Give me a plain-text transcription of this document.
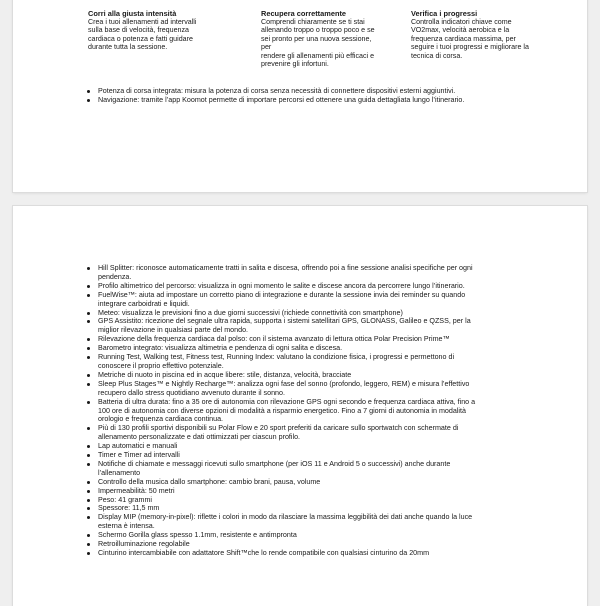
Corri alla giusta intensità

Crea i tuoi allenamenti ad intervalli

sulla base di velocità, frequenza

cardiaca o potenza e fatti guidare

durante tutta la sessione.

Recupera correttamente

Comprendi chiaramente se ti stai

allenando troppo o troppo poco e se

sei pronto per una nuova sessione, per

rendere gli allenamenti più efficaci e

prevenire gli infortuni.

Verifica i progressi

Controlla indicatori chiave come

VO2max, velocità aerobica e la

frequenza cardiaca massima, per

seguire i tuoi progressi e migliorare la

tecnica di corsa.

Potenza di corsa integrata: misura la potenza di corsa senza necessità di connettere dispositivi esterni aggiuntivi.
Navigazione: tramite l’app Koomot permette di importare percorsi ed ottenere una guida dettagliata lungo l’itinerario.
Hill Splitter: riconosce automaticamente tratti in salita e discesa, offrendo poi a fine sessione analisi specifiche per ogni
pendenza.
Profilo altimetrico del percorso: visualizza in ogni momento le salite e discese ancora da percorrere lungo l’itinerario.
FuelWise™: aiuta ad impostare un corretto piano di integrazione e durante la sessione invia dei reminder su quando
integrare carboidrati e liquidi.
Meteo: visualizza le previsioni fino a due giorni successivi (richiede connettività con smartphone)
GPS Assistito: ricezione del segnale ultra rapida, supporta i sistemi satellitari GPS, GLONASS, Galileo e QZSS, per la
miglior rilevazione in qualsiasi parte del mondo.
Rilevazione della frequenza cardiaca dal polso: con il sistema avanzato di lettura ottica Polar Precision Prime™
Barometro integrato: visualizza altimetria e pendenza di ogni salita e discesa.
Running Test, Walking test, Fitness test, Running Index: valutano la condizione fisica, i progressi e permettono di
conoscere il proprio effettivo potenziale.
Metriche di nuoto in piscina ed in acque libere: stile, distanza, velocità, bracciate
Sleep Plus Stages™ e Nightly Recharge™: analizza ogni fase del sonno (profondo, leggero, REM) e misura l’effettivo
recupero dallo stress quotidiano avvenuto durante il sonno.
Batteria di ultra durata: fino a 35 ore di autonomia con rilevazione GPS ogni secondo e frequenza cardiaca attiva, fino a
100 ore di autonomia con diverse opzioni di modalità a risparmio energetico. Fino a 7 giorni di autonomia in modalità
orologio e frequenza cardiaca continua.
Più di 130 profili sportivi disponibili su Polar Flow e 20 sport preferiti da caricare sullo sportwatch con schermate di
allenamento personalizzate e dati ottimizzati per ciascun profilo.
Lap automatici e manuali
Timer e Timer ad intervalli
Notifiche di chiamate e messaggi ricevuti sullo smartphone (per iOS 11 e Android 5 o successivi) anche durante
l’allenamento
Controllo della musica dallo smartphone: cambio brani, pausa, volume
Impermeabilità: 50 metri
Peso: 41 grammi
Spessore: 11,5 mm
Display MIP (memory-in-pixel): riflette i colori in modo da rilasciare la massima leggibilità dei dati anche quando la luce
esterna è intensa.
Schermo Gorilla glass spesso 1.1mm, resistente e antimpronta
Retroilluminazione regolabile
Cinturino intercambiabile con adattatore Shift™che lo rende compatibile con qualsiasi cinturino da 20mm
